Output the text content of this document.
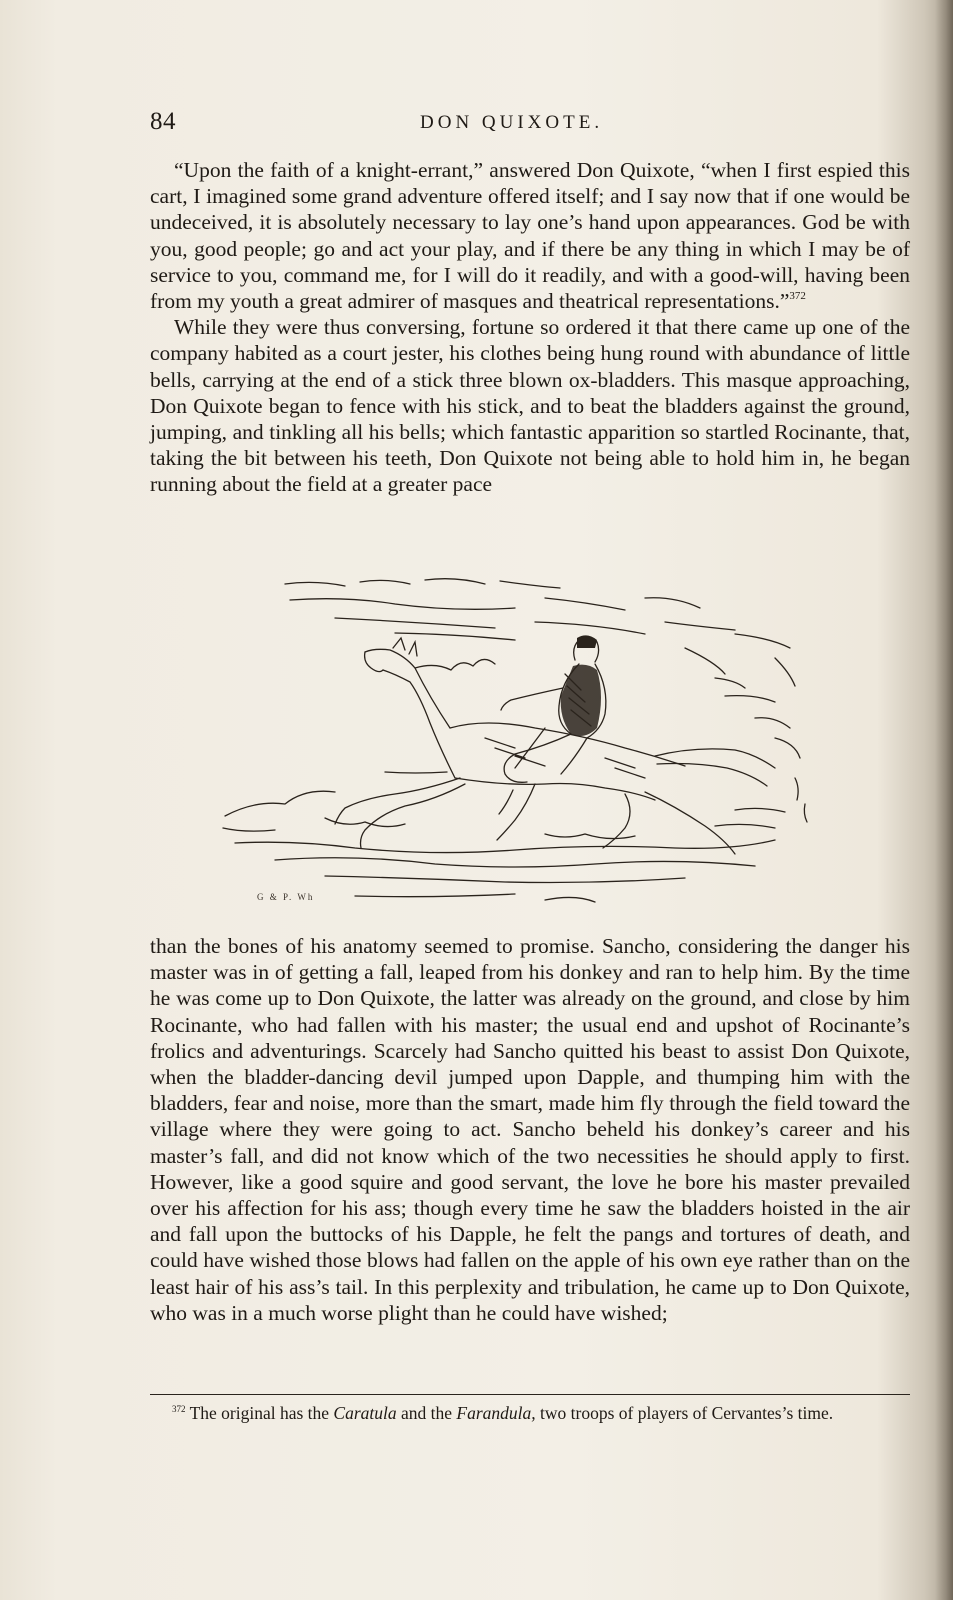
84	DON QUIXOTE.

“Upon the faith of a knight-errant,” answered Don Quixote, “when I first espied this cart, I imagined some grand adventure offered itself; and I say now that if one would be undeceived, it is absolutely necessary to lay one’s hand upon appearances. God be with you, good people; go and act your play, and if there be any thing in which I may be of service to you, command me, for I will do it readily, and with a good-will, having been from my youth a great admirer of masques and theatrical representations.”$^{372}$

While they were thus conversing, fortune so ordered it that there came up one of the company habited as a court jester, his clothes being hung round with abundance of little bells, carrying at the end of a stick three blown ox-bladders. This masque approaching, Don Quixote began to fence with his stick, and to beat the bladders against the ground, jumping, and tinkling all his bells; which fantastic apparition so startled Rocinante, that, taking the bit between his teeth, Don Quixote not being able to hold him in, he began running about the field at a greater pace

G & P. Wh

than the bones of his anatomy seemed to promise. Sancho, considering the danger his master was in of getting a fall, leaped from his donkey and ran to help him. By the time he was come up to Don Quixote, the latter was already on the ground, and close by him Rocinante, who had fallen with his master; the usual end and upshot of Rocinante’s frolics and adventurings. Scarcely had Sancho quitted his beast to assist Don Quixote, when the bladder-dancing devil jumped upon Dapple, and thumping him with the bladders, fear and noise, more than the smart, made him fly through the field toward the village where they were going to act. Sancho beheld his donkey’s career and his master’s fall, and did not know which of the two necessities he should apply to first. However, like a good squire and good servant, the love he bore his master prevailed over his affection for his ass; though every time he saw the bladders hoisted in the air and fall upon the buttocks of his Dapple, he felt the pangs and tortures of death, and could have wished those blows had fallen on the apple of his own eye rather than on the least hair of his ass’s tail. In this perplexity and tribulation, he came up to Don Quixote, who was in a much worse plight than he could have wished;

$^{372}$ The original has the Caratula and the Farandula, two troops of players of Cervantes’s time.
